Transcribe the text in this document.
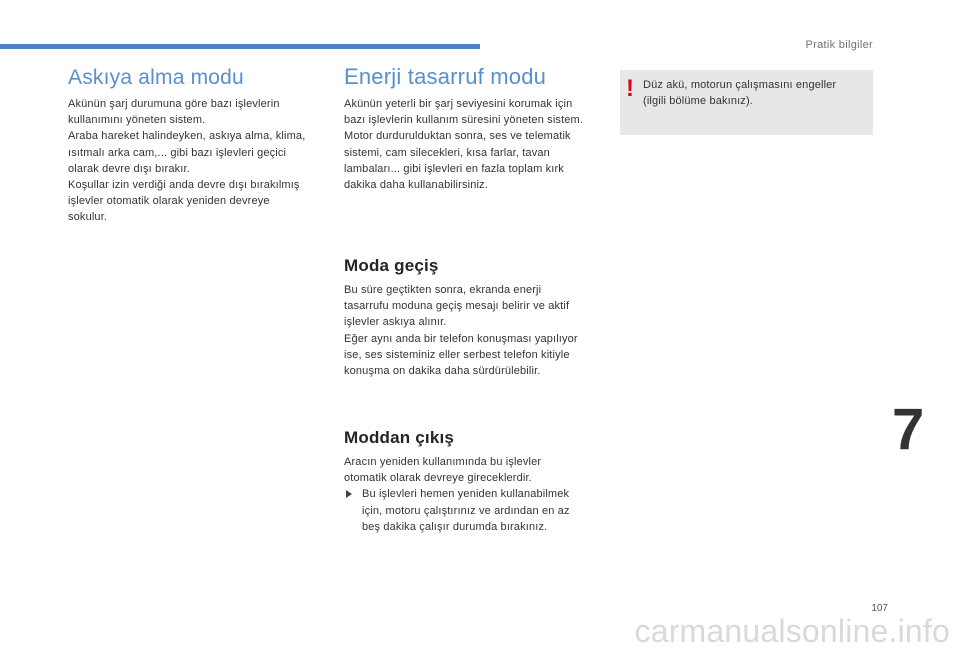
Pratik bilgiler
Askıya alma modu
Akünün şarj durumuna göre bazı işlevlerin
kullanımını yöneten sistem.
Araba hareket halindeyken, askıya alma, klima,
ısıtmalı arka cam,... gibi bazı işlevleri geçici
olarak devre dışı bırakır.
Koşullar izin verdiği anda devre dışı bırakılmış
işlevler otomatik olarak yeniden devreye
sokulur.
Enerji tasarruf modu
Akünün yeterli bir şarj seviyesini korumak için
bazı işlevlerin kullanım süresini yöneten sistem.
Motor durdurulduktan sonra, ses ve telematik
sistemi, cam silecekleri, kısa farlar, tavan
lambaları... gibi işlevleri en fazla toplam kırk
dakika daha kullanabilirsiniz.
Moda geçiş
Bu süre geçtikten sonra, ekranda enerji
tasarrufu moduna geçiş mesajı belirir ve aktif
işlevler askıya alınır.
Eğer aynı anda bir telefon konuşması yapılıyor
ise, ses sisteminiz eller serbest telefon kitiyle
konuşma on dakika daha sürdürülebilir.
Moddan çıkış
Aracın yeniden kullanımında bu işlevler
otomatik olarak devreye gireceklerdir.
Bu işlevleri hemen yeniden kullanabilmek
için, motoru çalıştırınız ve ardından en az
beş dakika çalışır durumda bırakınız.
! Düz akü, motorun çalışmasını engeller
(ilgili bölüme bakınız).
7
107
carmanualsonline.info
